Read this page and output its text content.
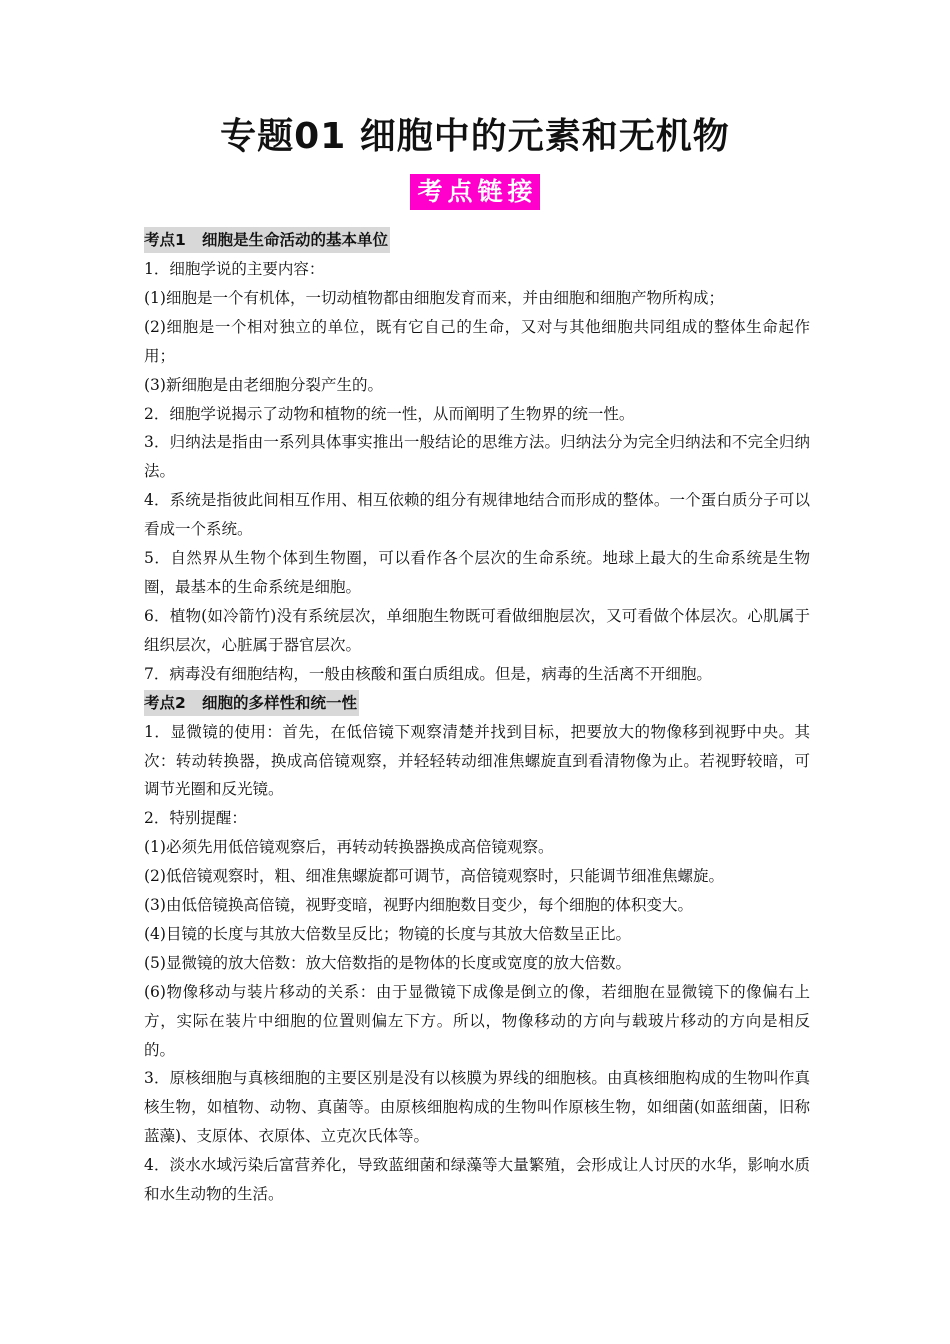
专题01 细胞中的元素和无机物
考点链接
考点1   细胞是生命活动的基本单位

1．细胞学说的主要内容：

(1)细胞是一个有机体，一切动植物都由细胞发育而来，并由细胞和细胞产物所构成；

(2)细胞是一个相对独立的单位，既有它自己的生命，又对与其他细胞共同组成的整体生命起作用；

(3)新细胞是由老细胞分裂产生的。

2．细胞学说揭示了动物和植物的统一性，从而阐明了生物界的统一性。

3．归纳法是指由一系列具体事实推出一般结论的思维方法。归纳法分为完全归纳法和不完全归纳法。

4．系统是指彼此间相互作用、相互依赖的组分有规律地结合而形成的整体。一个蛋白质分子可以看成一个系统。

5．自然界从生物个体到生物圈，可以看作各个层次的生命系统。地球上最大的生命系统是生物圈，最基本的生命系统是细胞。

6．植物(如冷箭竹)没有系统层次，单细胞生物既可看做细胞层次，又可看做个体层次。心肌属于组织层次，心脏属于器官层次。

7．病毒没有细胞结构，一般由核酸和蛋白质组成。但是，病毒的生活离不开细胞。

考点2   细胞的多样性和统一性

1．显微镜的使用：首先，在低倍镜下观察清楚并找到目标，把要放大的物像移到视野中央。其次：转动转换器，换成高倍镜观察，并轻轻转动细准焦螺旋直到看清物像为止。若视野较暗，可调节光圈和反光镜。

2．特别提醒：

(1)必须先用低倍镜观察后，再转动转换器换成高倍镜观察。

(2)低倍镜观察时，粗、细准焦螺旋都可调节，高倍镜观察时，只能调节细准焦螺旋。

(3)由低倍镜换高倍镜，视野变暗，视野内细胞数目变少，每个细胞的体积变大。

(4)目镜的长度与其放大倍数呈反比；物镜的长度与其放大倍数呈正比。

(5)显微镜的放大倍数：放大倍数指的是物体的长度或宽度的放大倍数。

(6)物像移动与装片移动的关系：由于显微镜下成像是倒立的像，若细胞在显微镜下的像偏右上方，实际在装片中细胞的位置则偏左下方。所以，物像移动的方向与载玻片移动的方向是相反的。

3．原核细胞与真核细胞的主要区别是没有以核膜为界线的细胞核。由真核细胞构成的生物叫作真核生物，如植物、动物、真菌等。由原核细胞构成的生物叫作原核生物，如细菌(如蓝细菌，旧称蓝藻)、支原体、衣原体、立克次氏体等。

4．淡水水域污染后富营养化，导致蓝细菌和绿藻等大量繁殖，会形成让人讨厌的水华，影响水质和水生动物的生活。
